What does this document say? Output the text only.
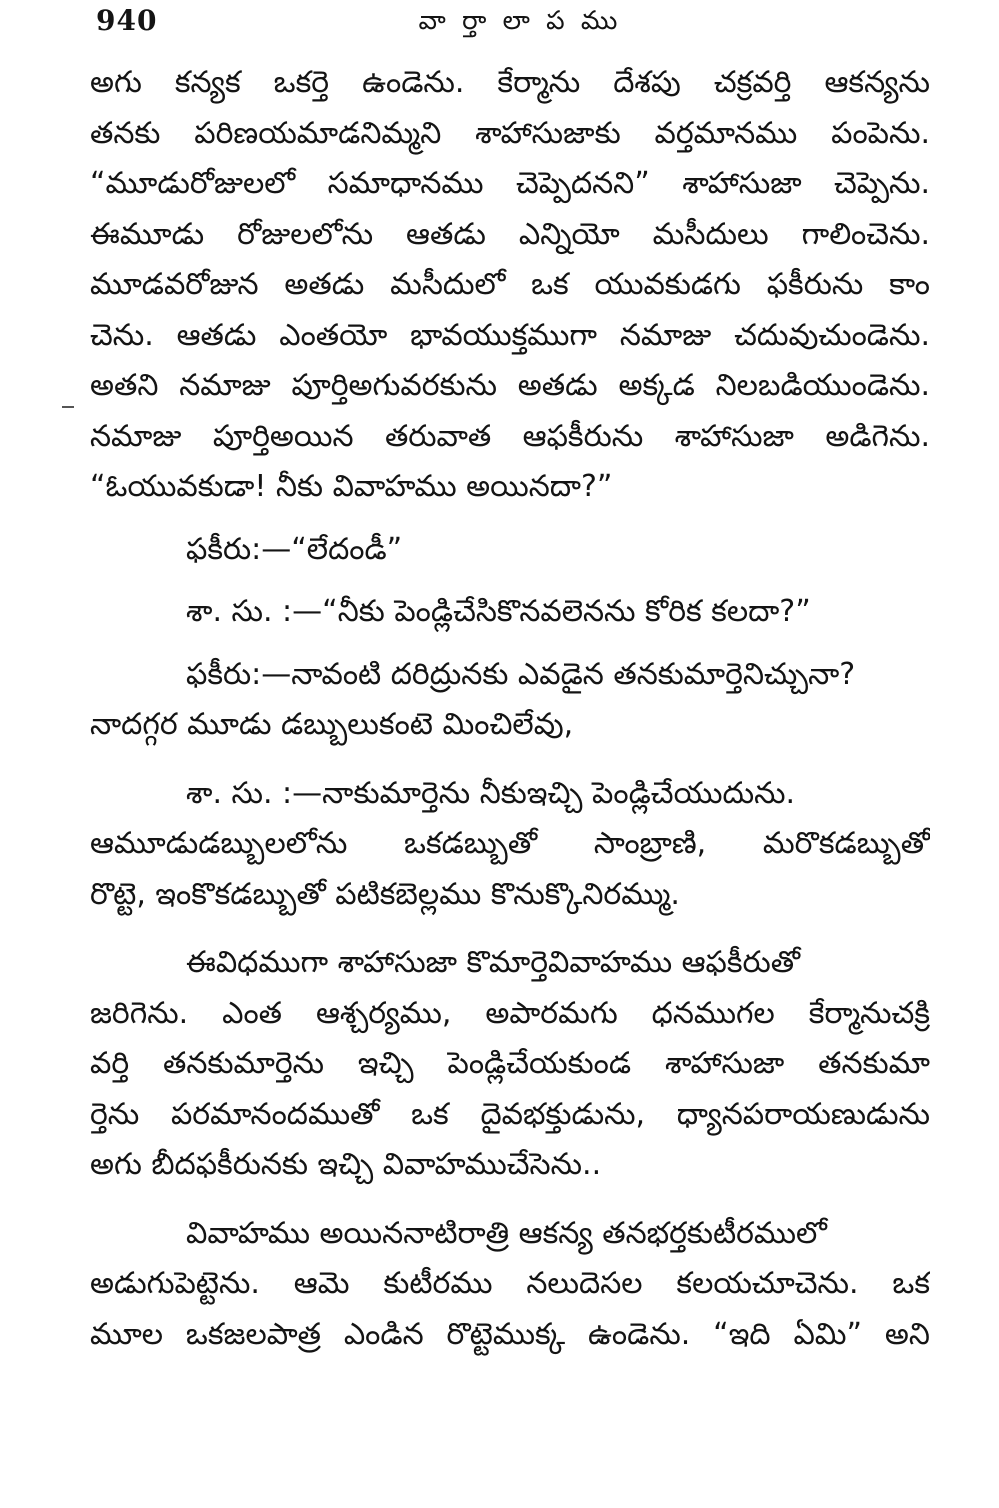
940	వా ర్తా లా ప ము
అగు కన్యక ఒకర్తె ఉండెను. కేర్మాను దేశపు చక్రవర్తి ఆకన్యను
తనకు పరిణయమాడనిమ్మని శాహాసుజాకు వర్తమానము పంపెను.
“మూడురోజులలో సమాధానము చెప్పెదనని” శాహాసుజా చెప్పెను.
ఈమూడు రోజులలోను ఆతడు ఎన్నియో మసీదులు గాలించెను.
మూడవరోజున అతడు మసీదులో ఒక యువకుడగు ఫకీరును కాం
చెను. ఆతడు ఎంతయో భావయుక్తముగా నమాజు చదువుచుండెను.
అతని నమాజు పూర్తిఅగువరకును అతడు అక్కడ నిలబడియుండెను.
నమాజు పూర్తిఅయిన తరువాత ఆఫకీరును శాహాసుజా అడిగెను.
“ఓయువకుడా! నీకు వివాహము అయినదా?”
ఫకీరు:—“లేదండీ”
శా. సు. :—“నీకు పెండ్లిచేసికొనవలెనను కోరిక కలదా?”
ఫకీరు:—నావంటి దరిద్రునకు ఎవడైన తనకుమార్తెనిచ్చునా?
నాదగ్గర మూడు డబ్బులుకంటె మించిలేవు,
శా. సు. :—నాకుమార్తెను నీకుఇచ్చి పెండ్లిచేయుదును.
ఆమూడుడబ్బులలోను ఒకడబ్బుతో సాంబ్రాణి, మరొకడబ్బుతో
రొట్టె, ఇంకొకడబ్బుతో పటికబెల్లము కొనుక్కొనిరమ్ము.
ఈవిధముగా శాహాసుజా కొమార్తెవివాహము ఆఫకీరుతో
జరిగెను. ఎంత ఆశ్చర్యము, అపారమగు ధనముగల కేర్మానుచక్రి
వర్తి తనకుమార్తెను ఇచ్చి పెండ్లిచేయకుండ శాహాసుజా తనకుమా
ర్తెను పరమానందముతో ఒక దైవభక్తుడును, ధ్యానపరాయణుడును
అగు బీదఫకీరునకు ఇచ్చి వివాహముచేసెను..
వివాహము అయిననాటిరాత్రి ఆకన్య తనభర్తకుటీరములో
అడుగుపెట్టెను. ఆమె కుటీరము నలుదెసల కలయచూచెను. ఒక
మూల ఒకజలపాత్ర ఎండిన రొట్టెముక్క ఉండెను. “ఇది ఏమి” అని
